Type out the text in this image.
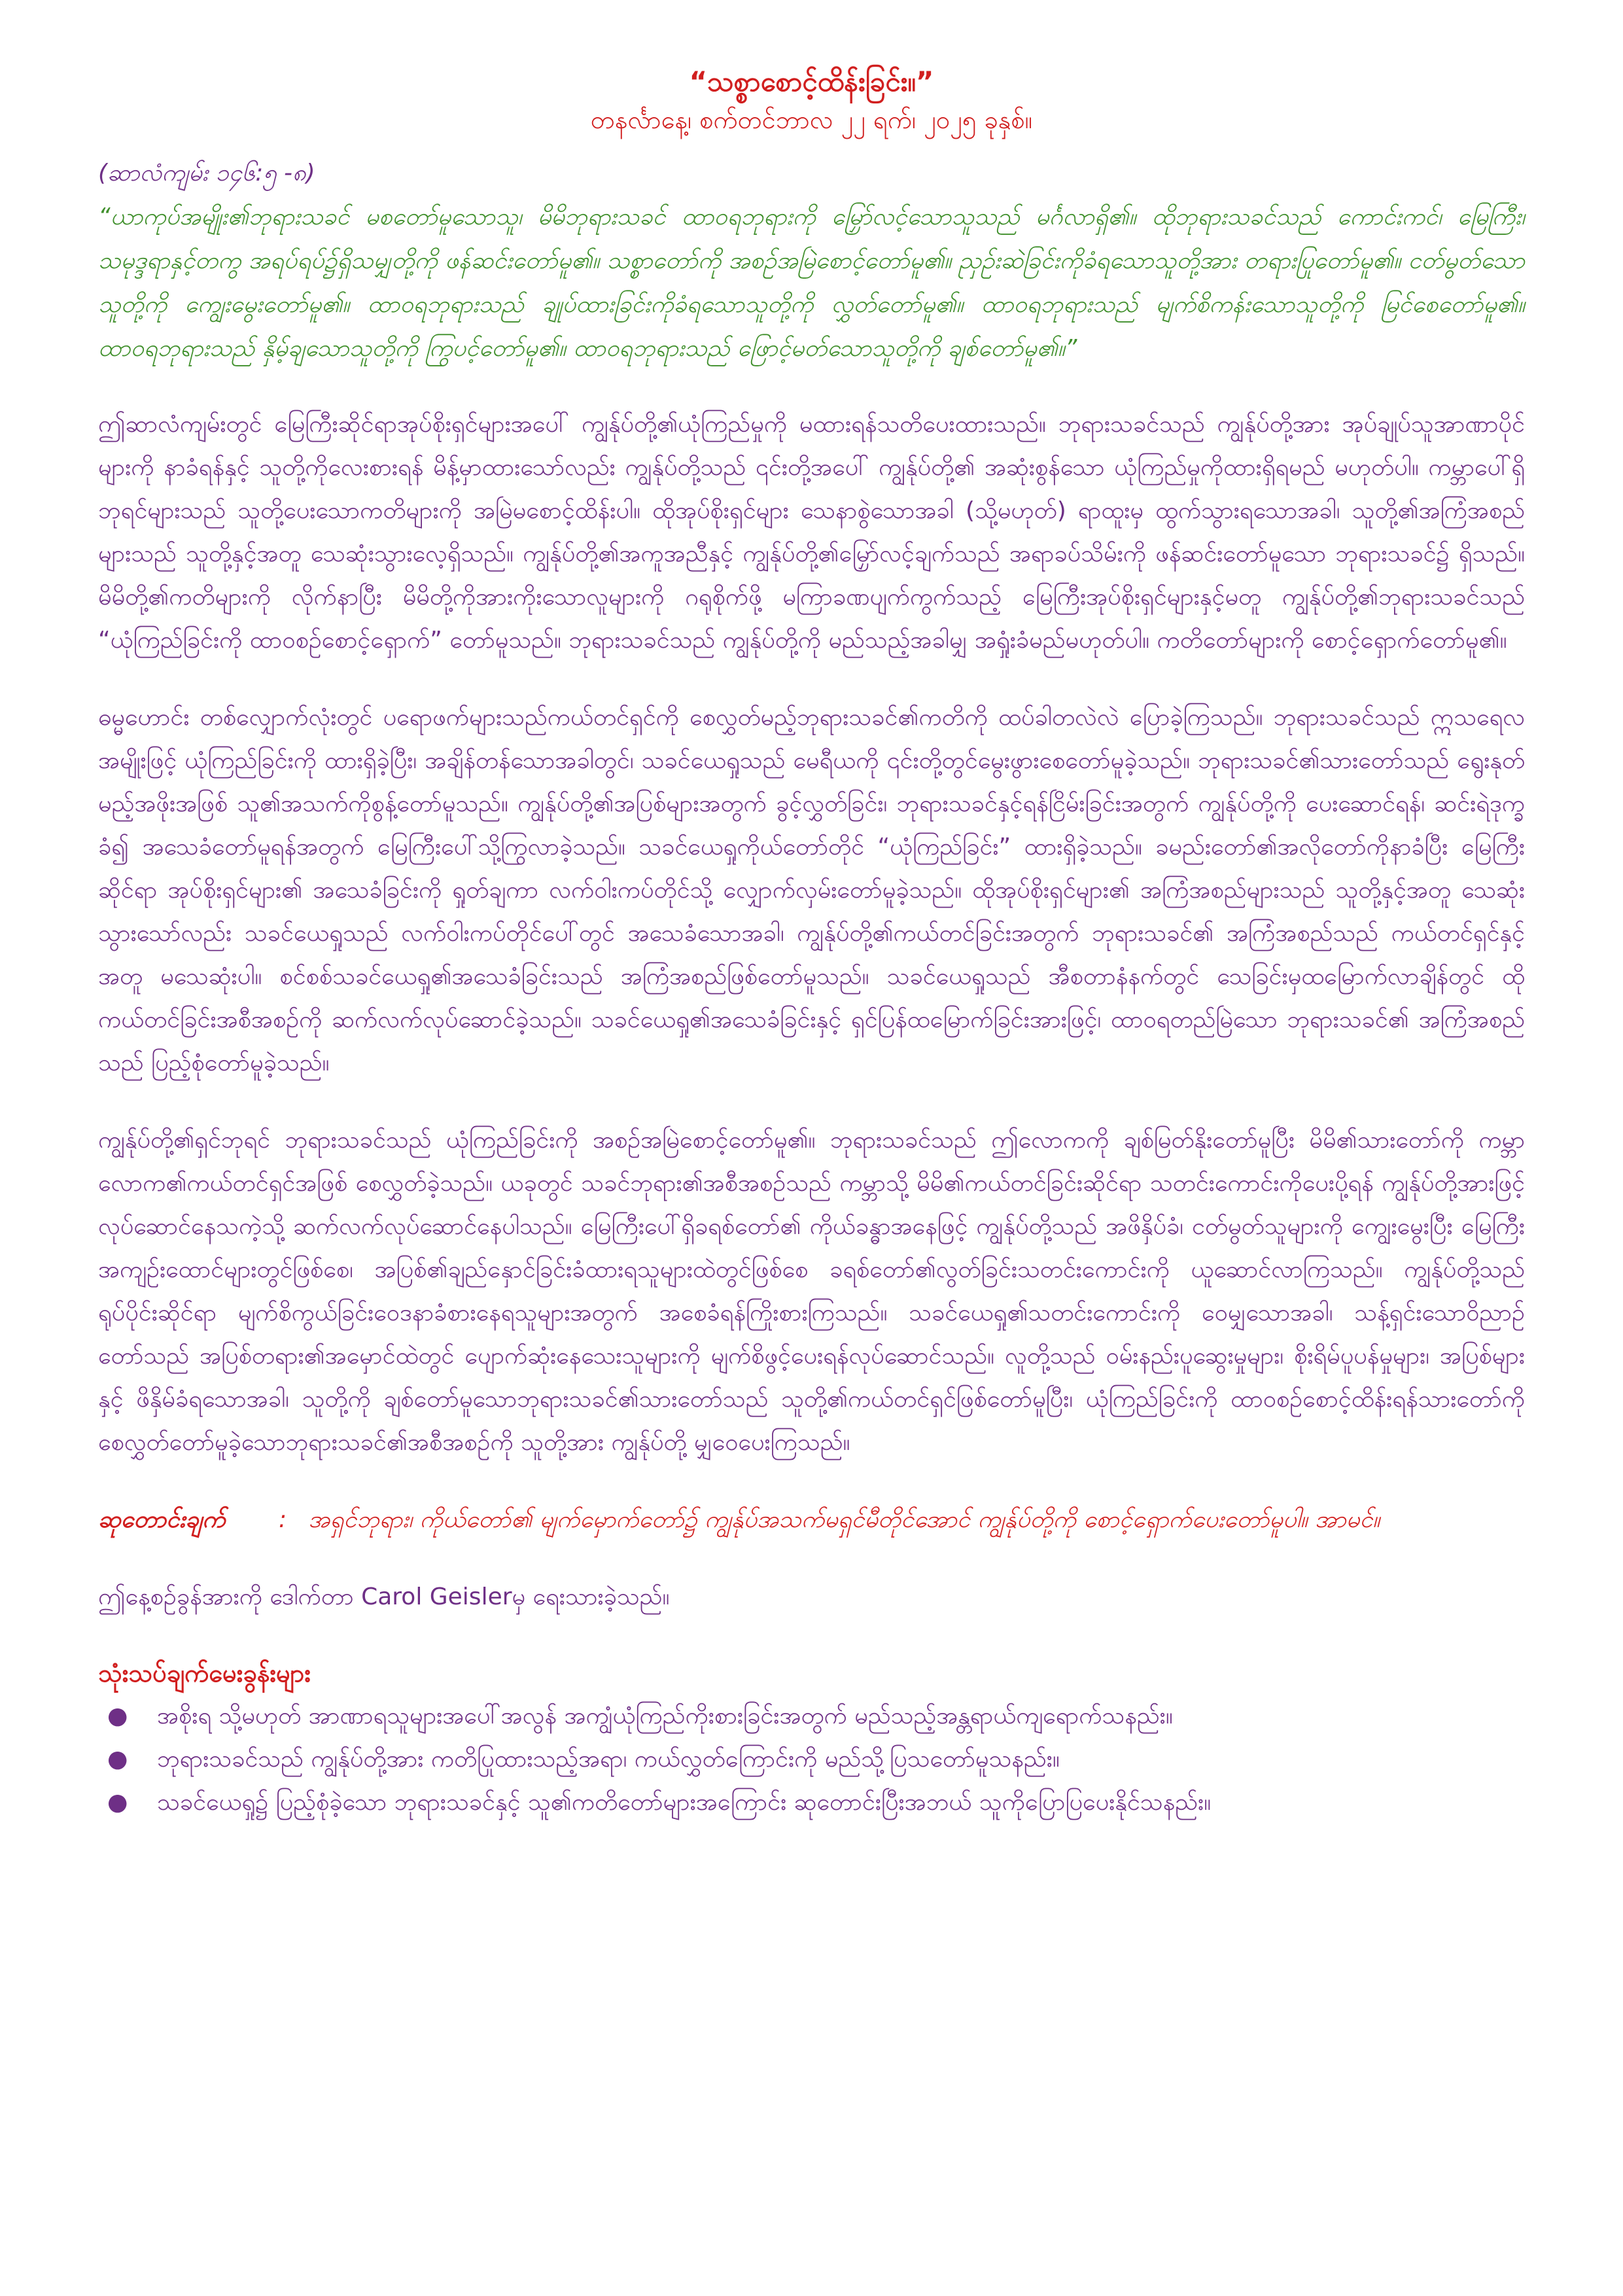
“သစ္စာစောင့်ထိန်းခြင်း။”

တနင်္လာနေ့၊ စက်တင်ဘာလ ၂၂ ရက်၊ ၂၀၂၅ ခုနှစ်။

(ဆာလံကျမ်း ၁၄၆:၅ -၈)

“ယာကုပ်အမျိုး၏ဘုရားသခင် မစတော်မူသောသူ၊ မိမိဘုရားသခင် ထာဝရဘုရားကို မြှော်လင့်သောသူသည် မင်္ဂလာရှိ၏။ ထိုဘုရားသခင်သည် ကောင်းကင်၊ မြေကြီး၊ သမုဒ္ဒရာနှင့်တကွ အရပ်ရပ်၌ရှိသမျှတို့ကို ဖန်ဆင်းတော်မူ၏။ သစ္စာတော်ကို အစဉ်အမြဲစောင့်တော်မူ၏။ ညှဉ်းဆဲခြင်းကိုခံရသောသူတို့အား တရားပြုတော်မူ၏။ ငတ်မွတ်သောသူတို့ကို ကျွေးမွေးတော်မူ၏။ ထာဝရဘုရားသည် ချုပ်ထားခြင်းကိုခံရသောသူတို့ကို လွှတ်တော်မူ၏။ ထာဝရဘုရားသည် မျက်စိကန်းသောသူတို့ကို မြင်စေတော်မူ၏။ ထာဝရဘုရားသည် နှိမ့်ချသောသူတို့ကို ကြွပင့်တော်မူ၏။ ထာဝရဘုရားသည် ဖြောင့်မတ်သောသူတို့ကို ချစ်တော်မူ၏။”

ဤဆာလံကျမ်းတွင် မြေကြီးဆိုင်ရာအုပ်စိုးရှင်များအပေါ် ကျွန်ုပ်တို့၏ယုံကြည်မှုကို မထားရန်သတိပေးထားသည်။ ဘုရားသခင်သည် ကျွန်ုပ်တို့အား အုပ်ချုပ်သူအာဏာပိုင်များကို နာခံရန်နှင့် သူတို့ကိုလေးစားရန် မိန့်မှာထားသော်လည်း ကျွန်ုပ်တို့သည် ၎င်းတို့အပေါ် ကျွန်ုပ်တို့၏ အဆုံးစွန်သော ယုံကြည်မှုကိုထားရှိရမည် မဟုတ်ပါ။ ကမ္ဘာပေါ်ရှိဘုရင်များသည် သူတို့ပေးသောကတိများကို အမြဲမစောင့်ထိန်းပါ။ ထိုအုပ်စိုးရှင်များ သေနာစွဲသောအခါ (သို့မဟုတ်) ရာထူးမှ ထွက်သွားရသောအခါ၊ သူတို့၏အကြံအစည်များသည် သူတို့နှင့်အတူ သေဆုံးသွားလေ့ရှိသည်။ ကျွန်ုပ်တို့၏အကူအညီနှင့် ကျွန်ုပ်တို့၏မြှော်လင့်ချက်သည် အရာခပ်သိမ်းကို ဖန်ဆင်းတော်မူသော ဘုရားသခင်၌ ရှိသည်။ မိမိတို့၏ကတိများကို လိုက်နာပြီး မိမိတို့ကိုအားကိုးသောလူများကို ဂရုစိုက်ဖို့ မကြာခဏပျက်ကွက်သည့် မြေကြီးအုပ်စိုးရှင်များနှင့်မတူ ကျွန်ုပ်တို့၏ဘုရားသခင်သည် “ယုံကြည်ခြင်းကို ထာဝစဉ်စောင့်ရှောက်” တော်မူသည်။ ဘုရားသခင်သည် ကျွန်ုပ်တို့ကို မည်သည့်အခါမျှ အရှုံးခံမည်မဟုတ်ပါ။ ကတိတော်များကို စောင့်ရှောက်တော်မူ၏။

ဓမ္မဟောင်း တစ်လျှောက်လုံးတွင် ပရောဖက်များသည်ကယ်တင်ရှင်ကို စေလွှတ်မည့်ဘုရားသခင်၏ကတိကို ထပ်ခါတလဲလဲ ပြောခဲ့ကြသည်။ ဘုရားသခင်သည် ဣသရေလအမျိုးဖြင့် ယုံကြည်ခြင်းကို ထားရှိခဲ့ပြီး၊ အချိန်တန်သောအခါတွင်၊ သခင်ယေရှုသည် မေရီယကို ၎င်းတို့တွင်မွေးဖွားစေတော်မူခဲ့သည်။ ဘုရားသခင်၏သားတော်သည် ရွေးနုတ်မည့်အဖိုးအဖြစ် သူ၏အသက်ကိုစွန့်တော်မူသည်။ ကျွန်ုပ်တို့၏အပြစ်များအတွက် ခွင့်လွှတ်ခြင်း၊ ဘုရားသခင်နှင့်ရန်ငြိမ်းခြင်းအတွက် ကျွန်ုပ်တို့ကို ပေးဆောင်ရန်၊ ဆင်းရဲဒုက္ခခံ၍ အသေခံတော်မူရန်အတွက် မြေကြီးပေါ်သို့ကြွလာခဲ့သည်။ သခင်ယေရှုကိုယ်တော်တိုင် “ယုံကြည်ခြင်း” ထားရှိခဲ့သည်။ ခမည်းတော်၏အလိုတော်ကိုနာခံပြီး မြေကြီးဆိုင်ရာ အုပ်စိုးရှင်များ၏ အသေခံခြင်းကို ရှုတ်ချကာ လက်ဝါးကပ်တိုင်သို့ လျှောက်လှမ်းတော်မူခဲ့သည်။ ထိုအုပ်စိုးရှင်များ၏ အကြံအစည်များသည် သူတို့နှင့်အတူ သေဆုံးသွားသော်လည်း သခင်ယေရှုသည် လက်ဝါးကပ်တိုင်ပေါ်တွင် အသေခံသောအခါ၊ ကျွန်ုပ်တို့၏ကယ်တင်ခြင်းအတွက် ဘုရားသခင်၏ အကြံအစည်သည် ကယ်တင်ရှင်နှင့်အတူ မသေဆုံးပါ။ စင်စစ်သခင်ယေရှု၏အသေခံခြင်းသည် အကြံအစည်ဖြစ်တော်မူသည်။ သခင်ယေရှုသည် အီစတာနံနက်တွင် သေခြင်းမှထမြောက်လာချိန်တွင် ထိုကယ်တင်ခြင်းအစီအစဉ်ကို ဆက်လက်လုပ်ဆောင်ခဲ့သည်။ သခင်ယေရှု၏အသေခံခြင်းနှင့် ရှင်ပြန်ထမြောက်ခြင်းအားဖြင့်၊ ထာဝရတည်မြဲသော ဘုရားသခင်၏ အကြံအစည်သည် ပြည့်စုံတော်မူခဲ့သည်။

ကျွန်ုပ်တို့၏ရှင်ဘုရင် ဘုရားသခင်သည် ယုံကြည်ခြင်းကို အစဉ်အမြဲစောင့်တော်မူ၏။ ဘုရားသခင်သည် ဤလောကကို ချစ်မြတ်နိုးတော်မူပြီး မိမိ၏သားတော်ကို ကမ္ဘာလောက၏ကယ်တင်ရှင်အဖြစ် စေလွှတ်ခဲ့သည်။ ယခုတွင် သခင်ဘုရား၏အစီအစဉ်သည် ကမ္ဘာသို့ မိမိ၏ကယ်တင်ခြင်းဆိုင်ရာ သတင်းကောင်းကိုပေးပို့ရန် ကျွန်ုပ်တို့အားဖြင့် လုပ်ဆောင်နေသကဲ့သို့ ဆက်လက်လုပ်ဆောင်နေပါသည်။ မြေကြီးပေါ်ရှိခရစ်တော်၏ ကိုယ်ခန္ဓာအနေဖြင့် ကျွန်ုပ်တို့သည် အဖိနှိပ်ခံ၊ ငတ်မွတ်သူများကို ကျွေးမွေးပြီး မြေကြီးအကျဉ်းထောင်များတွင်ဖြစ်စေ၊ အပြစ်၏ချည်နှောင်ခြင်းခံထားရသူများထဲတွင်ဖြစ်စေ ခရစ်တော်၏လွတ်ခြင်းသတင်းကောင်းကို ယူဆောင်လာကြသည်။ ကျွန်ုပ်တို့သည် ရုပ်ပိုင်းဆိုင်ရာ မျက်စိကွယ်ခြင်းဝေဒနာခံစားနေရသူများအတွက် အစေခံရန်ကြိုးစားကြသည်။ သခင်ယေရှု၏သတင်းကောင်းကို ဝေမျှသောအခါ၊ သန့်ရှင်းသောဝိညာဉ်တော်သည် အပြစ်တရား၏အမှောင်ထဲတွင် ပျောက်ဆုံးနေသေးသူများကို မျက်စိဖွင့်ပေးရန်လုပ်ဆောင်သည်။ လူတို့သည် ဝမ်းနည်းပူဆွေးမှုများ၊ စိုးရိမ်ပူပန်မှုများ၊ အပြစ်များနှင့် ဖိနှိမ်ခံရသောအခါ၊ သူတို့ကို ချစ်တော်မူသောဘုရားသခင်၏သားတော်သည် သူတို့၏ကယ်တင်ရှင်ဖြစ်တော်မူပြီး၊ ယုံကြည်ခြင်းကို ထာဝစဉ်စောင့်ထိန်းရန်သားတော်ကို စေလွှတ်တော်မူခဲ့သောဘုရားသခင်၏အစီအစဉ်ကို သူတို့အား ကျွန်ုပ်တို့ မျှဝေပေးကြသည်။

ဆုတောင်းချက် : အရှင်ဘုရား၊ ကိုယ်တော်၏ မျက်မှောက်တော်၌ ကျွန်ုပ်အသက်မရှင်မီတိုင်အောင် ကျွန်ုပ်တို့ကို စောင့်ရှောက်ပေးတော်မူပါ။ အာမင်။

ဤနေ့စဉ်ခွန်အားကို ဒေါက်တာ Carol Geislerမှ ရေးသားခဲ့သည်။

သုံးသပ်ချက်မေးခွန်းများ

● အစိုးရ သို့မဟုတ် အာဏာရသူများအပေါ်အလွန် အကျွံယုံကြည်ကိုးစားခြင်းအတွက် မည်သည့်အန္တရာယ်ကျရောက်သနည်း။
● ဘုရားသခင်သည် ကျွန်ုပ်တို့အား ကတိပြုထားသည့်အရာ၊ ကယ်လွှတ်ကြောင်းကို မည်သို့ပြသတော်မူသနည်း။
● သခင်ယေရှု၌ ပြည့်စုံခဲ့သော ဘုရားသခင်နှင့် သူ၏ကတိတော်များအကြောင်း ဆုတောင်းပြီးအဘယ် သူကိုပြောပြပေးနိုင်သနည်း။
